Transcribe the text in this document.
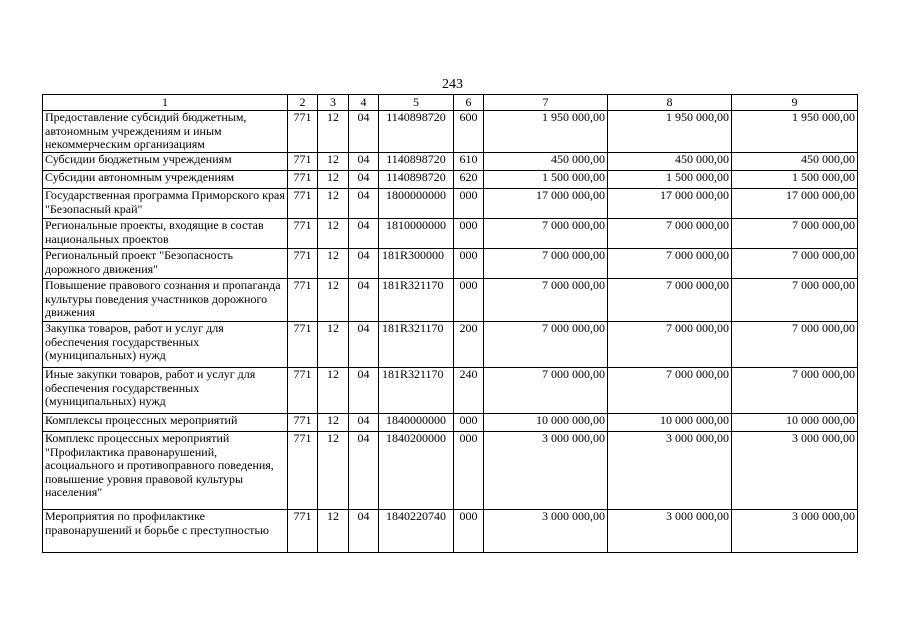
243
1	2	3	4	5	6	7	8	9
Предоставление субсидий бюджетным, автономным учреждениям и иным некоммерческим организациям	771	12	04	1140898720	600	1 950 000,00	1 950 000,00	1 950 000,00
Субсидии бюджетным учреждениям	771	12	04	1140898720	610	450 000,00	450 000,00	450 000,00
Субсидии автономным учреждениям	771	12	04	1140898720	620	1 500 000,00	1 500 000,00	1 500 000,00
Государственная программа Приморского края "Безопасный край"	771	12	04	1800000000	000	17 000 000,00	17 000 000,00	17 000 000,00
Региональные проекты, входящие в состав национальных проектов	771	12	04	1810000000	000	7 000 000,00	7 000 000,00	7 000 000,00
Региональный проект "Безопасность дорожного движения"	771	12	04	181R300000	000	7 000 000,00	7 000 000,00	7 000 000,00
Повышение правового сознания и пропаганда культуры поведения участников дорожного движения	771	12	04	181R321170	000	7 000 000,00	7 000 000,00	7 000 000,00
Закупка товаров, работ и услуг для обеспечения государственных (муниципальных) нужд	771	12	04	181R321170	200	7 000 000,00	7 000 000,00	7 000 000,00
Иные закупки товаров, работ и услуг для обеспечения государственных (муниципальных) нужд	771	12	04	181R321170	240	7 000 000,00	7 000 000,00	7 000 000,00
Комплексы процессных мероприятий	771	12	04	1840000000	000	10 000 000,00	10 000 000,00	10 000 000,00
Комплекс процессных мероприятий "Профилактика правонарушений, асоциального и противоправного поведения, повышение уровня правовой культуры населения"	771	12	04	1840200000	000	3 000 000,00	3 000 000,00	3 000 000,00
Мероприятия по профилактике правонарушений и борьбе с преступностью	771	12	04	1840220740	000	3 000 000,00	3 000 000,00	3 000 000,00
